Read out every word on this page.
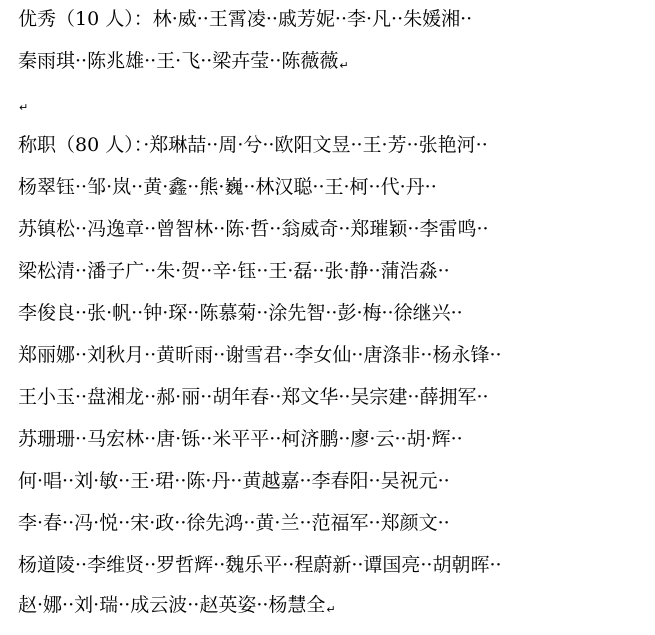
优秀（10 人）：林·威··王霄凌··戚芳妮··李·凡··朱媛湘··
秦雨琪··陈兆雄··王·飞··梁卉莹··陈薇薇↵
↵
称职（80 人）：·郑琳喆··周·兮··欧阳文昱··王·芳··张艳河··
杨翠钰··邹·岚··黄·鑫··熊·巍··林汉聪··王·柯··代·丹··
苏镇松··冯逸章··曾智林··陈·哲··翁威奇··郑璀颖··李雷鸣··
梁松清··潘子广··朱·贺··辛·钰··王·磊··张·静··蒲浩淼··
李俊良··张·帆··钟·琛··陈慕菊··涂先智··彭·梅··徐继兴··
郑丽娜··刘秋月··黄昕雨··谢雪君··李女仙··唐涤非··杨永锋··
王小玉··盘湘龙··郝·丽··胡年春··郑文华··吴宗建··薛拥军··
苏珊珊··马宏林··唐·铄··米平平··柯济鹏··廖·云··胡·辉··
何·唱··刘·敏··王·珺··陈·丹··黄越嘉··李春阳··吴祝元··
李·春··冯·悦··宋·政··徐先鸿··黄·兰··范福军··郑颜文··
杨道陵··李维贤··罗哲辉··魏乐平··程蔚新··谭国亮··胡朝晖··
赵·娜··刘·瑞··成云波··赵英姿··杨慧全↵
